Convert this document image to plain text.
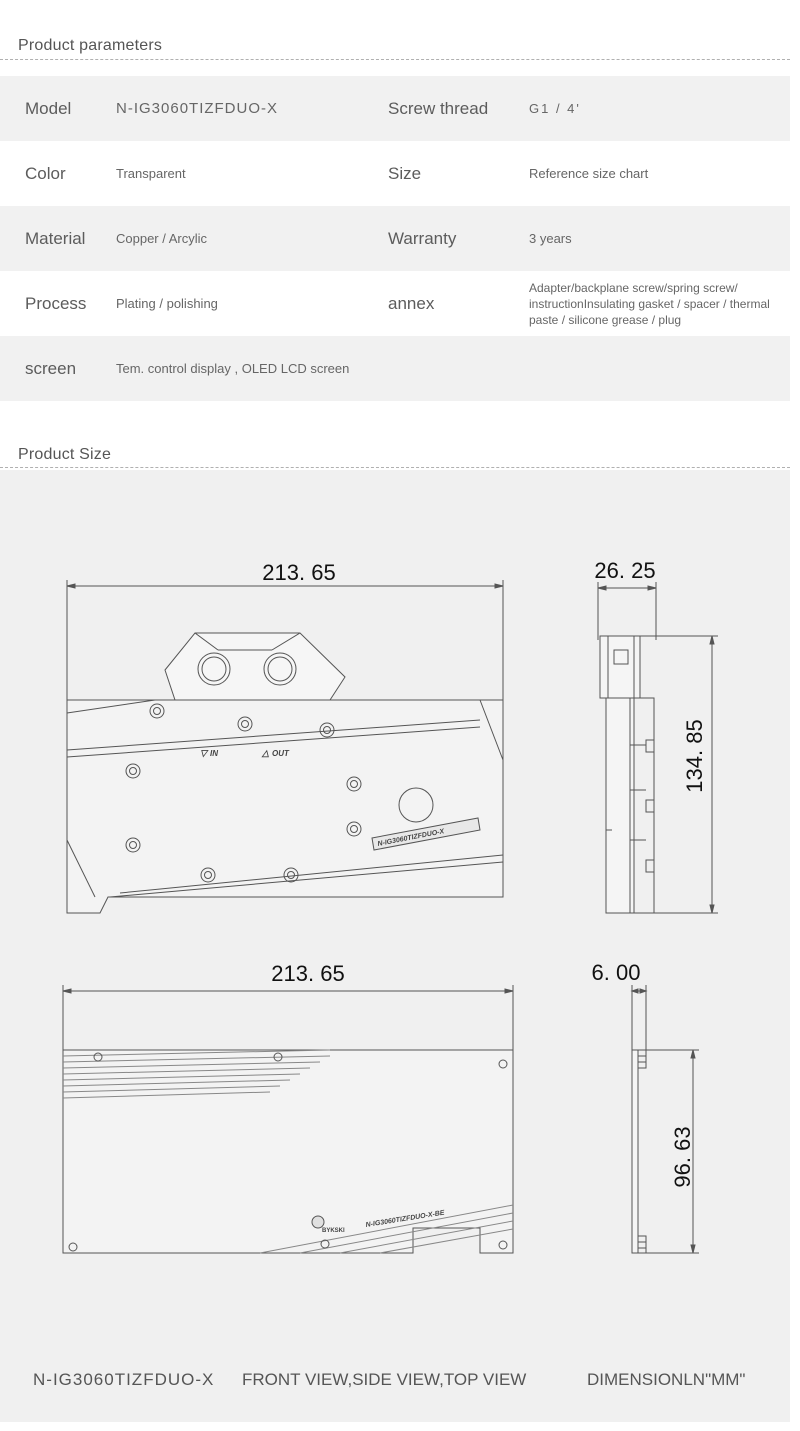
Product parameters
Model	N-IG3060TIZFDUO-X	Screw thread	G1 / 4'
Color	Transparent	Size	Reference size chart
Material Copper / Arcylic	Warranty	3 years
Process Plating / polishing	annex
Adapter/backplane screw/spring screw/ instructionInsulating gasket / spacer / thermal paste / silicone grease / plug
screen	Tem. control display , OLED LCD screen
Product Size
213. 65	26. 25
134. 85
213. 65	6. 00
96. 63
▽ IN	△ OUT
N-IG3060TIZFDUO-X
BYKSKI
N-IG3060TIZFDUO-X-BE
N-IG3060TIZFDUO-X FRONT VIEW,SIDE VIEW,TOP VIEW	DIMENSIONLN"MM"
